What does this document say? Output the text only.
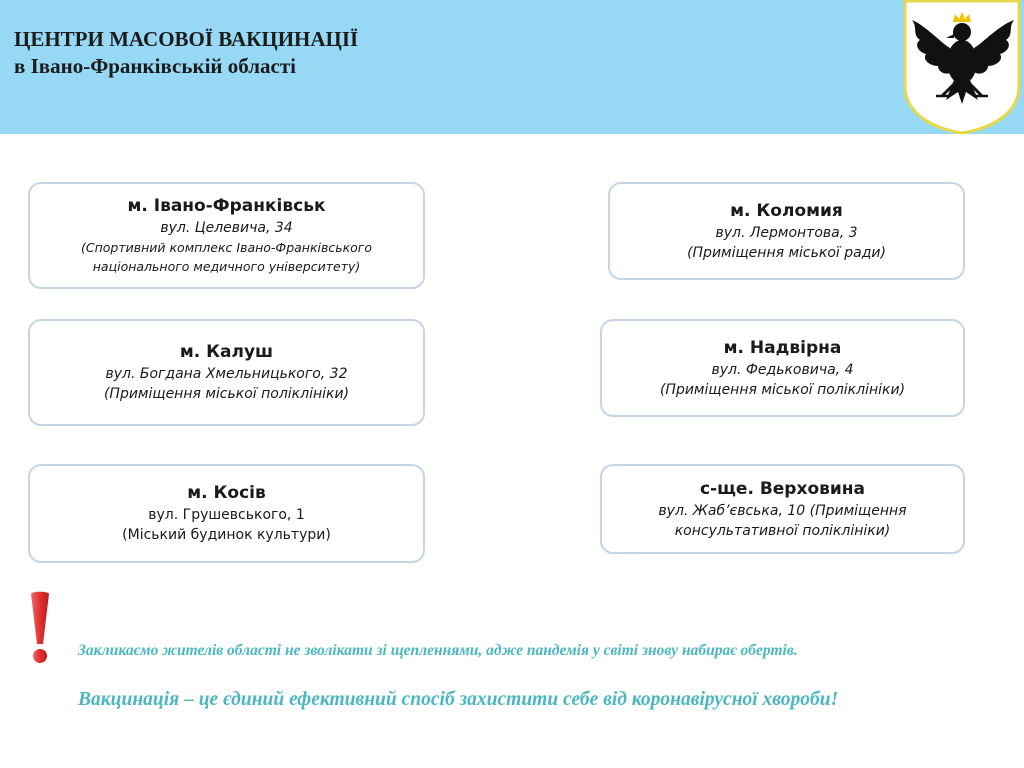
ЦЕНТРИ МАСОВОЇ ВАКЦИНАЦІЇ
в Івано-Франківській області
м. Івано-Франківськ
вул. Целевича, 34
(Спортивний комплекс Івано-Франківського
національного медичного університету)
м. Коломия
вул. Лермонтова, 3
(Приміщення міської ради)
м. Калуш
вул. Богдана Хмельницького, 32
(Приміщення міської поліклініки)
м. Надвірна
вул. Федьковича, 4
(Приміщення міської поліклініки)
м. Косів
вул. Грушевського, 1
(Міський будинок культури)
с-ще. Верховина
вул. Жаб’євська, 10 (Приміщення
консультативної поліклініки)
Закликаємо жителів області не зволікати зі щепленнями, адже пандемія у світі знову набирає обертів.
Вакцинація – це єдиний ефективний спосіб захистити себе від коронавірусної хвороби!
